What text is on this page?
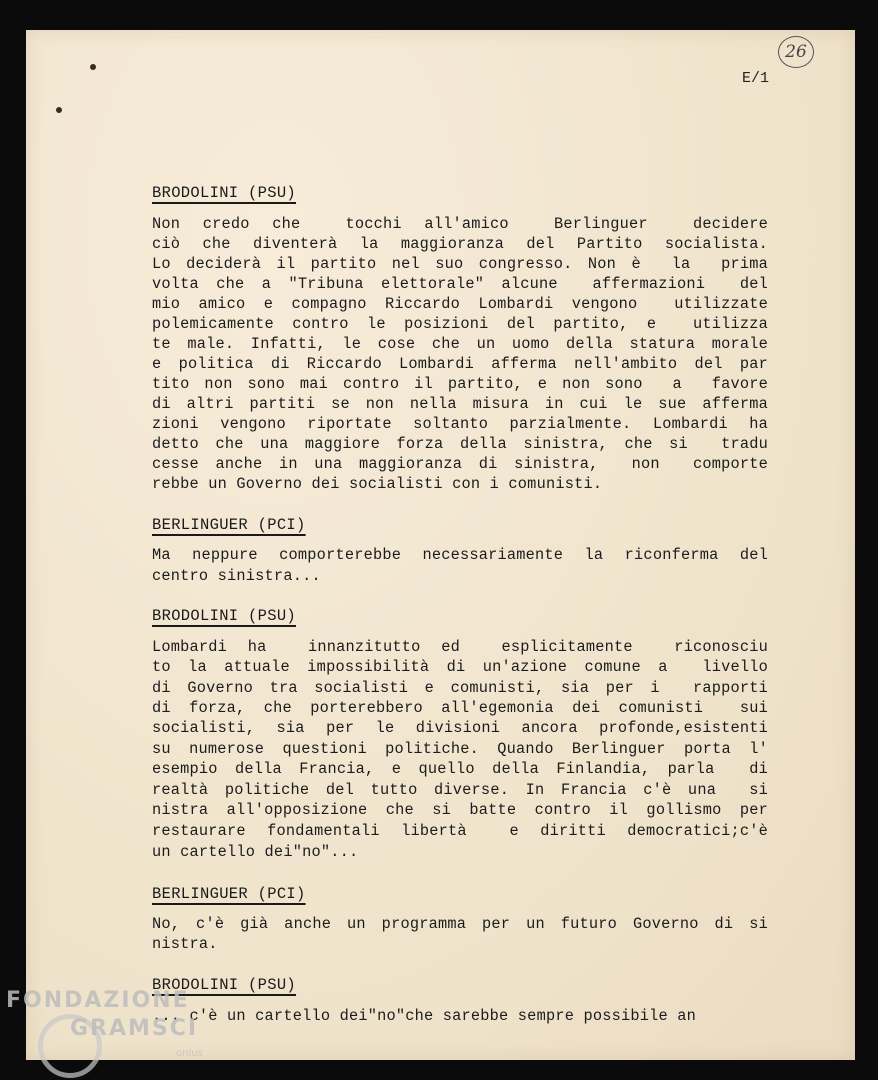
26
E/1
BRODOLINI (PSU)
Non credo che  tocchi all'amico  Berlinguer  decidere
ciò che diventerà la maggioranza del Partito socialista.
Lo deciderà il partito nel suo congresso. Non è  la  prima
volta che a "Tribuna elettorale" alcune  affermazioni  del
mio amico e compagno Riccardo Lombardi vengono  utilizzate
polemicamente contro le posizioni del partito, e  utilizza
te male. Infatti, le cose che un uomo della statura morale
e politica di Riccardo Lombardi afferma nell'ambito del par
tito non sono mai contro il partito, e non sono  a  favore
di altri partiti se non nella misura in cui le sue afferma
zioni vengono riportate soltanto parzialmente. Lombardi ha
detto che una maggiore forza della sinistra, che si  tradu
cesse anche in una maggioranza di sinistra,  non  comporte
rebbe un Governo dei socialisti con i comunisti.
BERLINGUER (PCI)
Ma neppure comporterebbe necessariamente la riconferma del
centro sinistra...
BRODOLINI (PSU)
Lombardi ha  innanzitutto ed  esplicitamente  riconosciu
to la attuale impossibilità di un'azione comune a  livello
di Governo tra socialisti e comunisti, sia per i  rapporti
di forza, che porterebbero all'egemonia dei comunisti  sui
socialisti, sia per le divisioni ancora profonde,esistenti
su numerose questioni politiche. Quando Berlinguer porta l'
esempio della Francia, e quello della Finlandia, parla  di
realtà politiche del tutto diverse. In Francia c'è una  si
nistra all'opposizione che si batte contro il gollismo per
restaurare fondamentali libertà  e diritti democratici;c'è
un cartello dei"no"...
BERLINGUER (PCI)
No, c'è già anche un programma per un futuro Governo di si
nistra.
BRODOLINI (PSU)
... c'è un cartello dei"no"che sarebbe sempre possibile an
FONDAZIONE
GRAMSCI
onlus
